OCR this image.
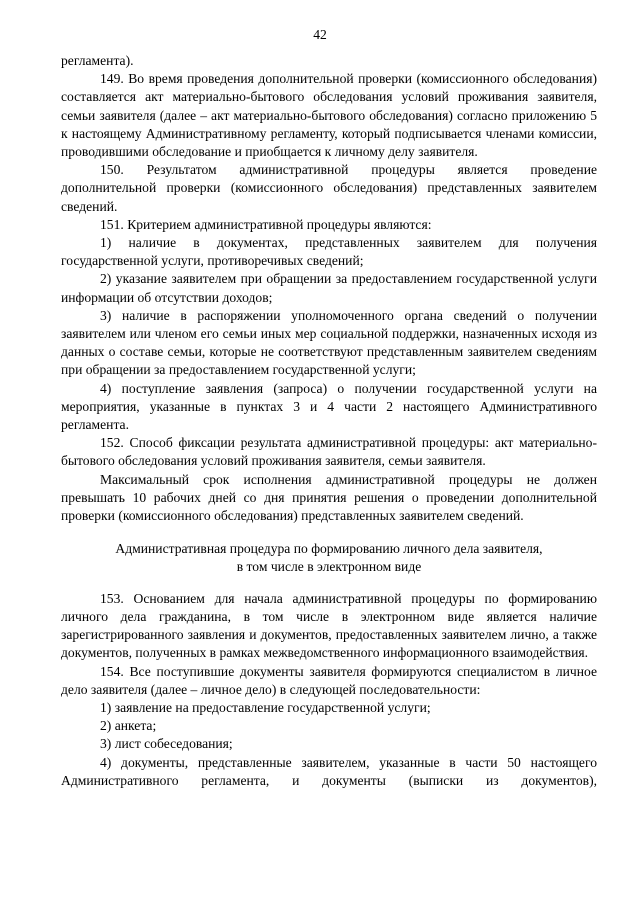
42

регламента).

149. Во время проведения дополнительной проверки (комиссионного обследования) составляется акт материально-бытового обследования условий проживания заявителя, семьи заявителя (далее – акт материально-бытового обследования) согласно приложению 5 к настоящему Административному регламенту, который подписывается членами комиссии, проводившими обследование и приобщается к личному делу заявителя.

150. Результатом административной процедуры является проведение дополнительной проверки (комиссионного обследования) представленных заявителем сведений.

151. Критерием административной процедуры являются:

1) наличие в документах, представленных заявителем для получения государственной услуги, противоречивых сведений;

2) указание заявителем при обращении за предоставлением государственной услуги информации об отсутствии доходов;

3) наличие в распоряжении уполномоченного органа сведений о получении заявителем или членом его семьи иных мер социальной поддержки, назначенных исходя из данных о составе семьи, которые не соответствуют представленным заявителем сведениям при обращении за предоставлением государственной услуги;

4) поступление заявления (запроса) о получении государственной услуги на мероприятия, указанные в пунктах 3 и 4 части 2 настоящего Административного регламента.

152. Способ фиксации результата административной процедуры: акт материально-бытового обследования условий проживания заявителя, семьи заявителя.

Максимальный срок исполнения административной процедуры не должен превышать 10 рабочих дней со дня принятия решения о проведении дополнительной проверки (комиссионного обследования) представленных заявителем сведений.

Административная процедура по формированию личного дела заявителя,

в том числе в электронном виде

153. Основанием для начала административной процедуры по формированию личного дела гражданина, в том числе в электронном виде является наличие зарегистрированного заявления и документов, предоставленных заявителем лично, а также документов, полученных в рамках межведомственного информационного взаимодействия.

154. Все поступившие документы заявителя формируются специалистом в личное дело заявителя (далее – личное дело) в следующей последовательности:

1) заявление на предоставление государственной услуги;

2) анкета;

3) лист собеседования;

4) документы, представленные заявителем, указанные в части 50 настоящего Административного регламента, и документы (выписки из документов),
